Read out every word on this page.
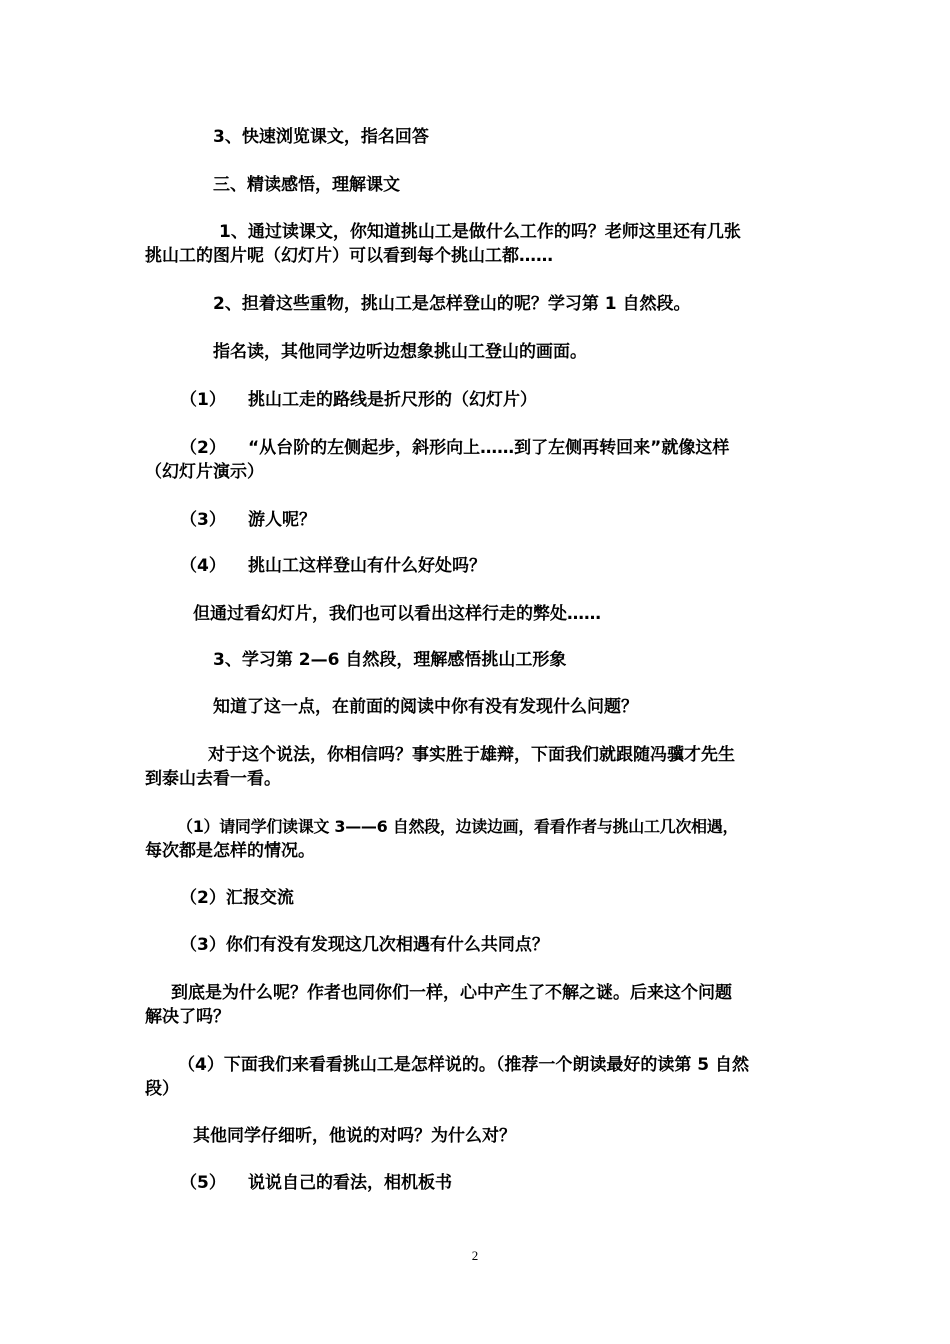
3、快速浏览课文，指名回答
三、精读感悟，理解课文
1、通过读课文，你知道挑山工是做什么工作的吗？老师这里还有几张
挑山工的图片呢（幻灯片）可以看到每个挑山工都……
2、担着这些重物，挑山工是怎样登山的呢？学习第 1 自然段。
指名读，其他同学边听边想象挑山工登山的画面。
（1） 挑山工走的路线是折尺形的（幻灯片）
（2） “从台阶的左侧起步，斜形向上……到了左侧再转回来”就像这样
（幻灯片演示）
（3） 游人呢？
（4） 挑山工这样登山有什么好处吗？
但通过看幻灯片，我们也可以看出这样行走的弊处……
3、学习第 2—6 自然段，理解感悟挑山工形象
知道了这一点，在前面的阅读中你有没有发现什么问题？
对于这个说法，你相信吗？事实胜于雄辩，下面我们就跟随冯骥才先生
到泰山去看一看。
（1）请同学们读课文 3——6 自然段，边读边画，看看作者与挑山工几次相遇，
每次都是怎样的情况。
（2）汇报交流
（3）你们有没有发现这几次相遇有什么共同点？
到底是为什么呢？作者也同你们一样，心中产生了不解之谜。后来这个问题
解决了吗？
（4）下面我们来看看挑山工是怎样说的。（推荐一个朗读最好的读第 5 自然
段）
其他同学仔细听，他说的对吗？为什么对？
（5） 说说自己的看法，相机板书
2
